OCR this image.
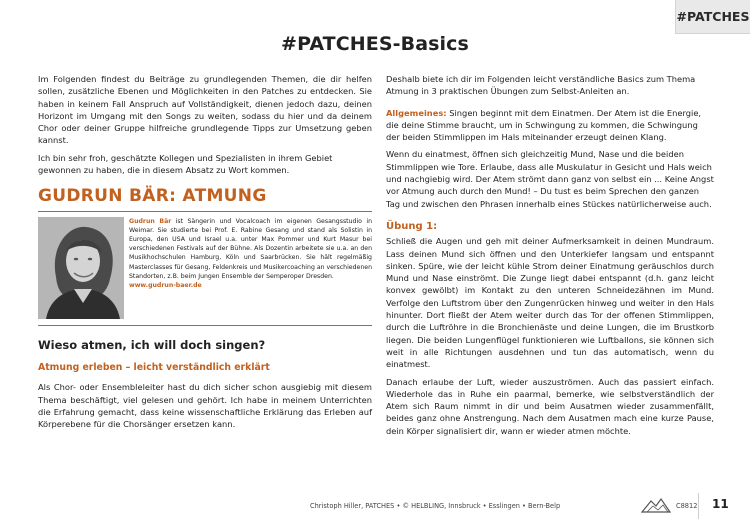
#PATCHES
#PATCHES-Basics

Im Folgenden findest du Beiträge zu grundlegenden Themen, die dir helfen sollen, zusätzliche Ebenen und Möglichkeiten in den Patches zu entdecken. Sie haben in keinem Fall Anspruch auf Vollständigkeit, dienen jedoch dazu, deinen Horizont im Umgang mit den Songs zu weiten, sodass du hier und da deinem Chor oder deiner Gruppe hilfreiche grundlegende Tipps zur Umsetzung geben kannst.

Ich bin sehr froh, geschätzte Kollegen und Spezialisten in ihrem Gebiet gewonnen zu haben, die in diesem Absatz zu Wort kommen.

GUDRUN BÄR: ATMUNG
Gudrun Bär ist Sängerin und Vocalcoach im eigenen Gesangsstudio in Weimar. Sie studierte bei Prof. E. Rabine Gesang und stand als Solistin in Europa, den USA und Israel u.a. unter Max Pommer und Kurt Masur bei verschiedenen Festivals auf der Bühne. Als Dozentin arbeitete sie u.a. an den Musikhochschulen Hamburg, Köln und Saarbrücken. Sie hält regelmäßig Masterclasses für Gesang, Feldenkreis und Musikercoaching an verschiedenen Standorten, z.B. beim Jungen Ensemble der Semperoper Dresden.
www.gudrun-baer.de
Wieso atmen, ich will doch singen?
Atmung erleben – leicht verständlich erklärt

Als Chor- oder Ensembleleiter hast du dich sicher schon ausgiebig mit diesem Thema beschäftigt, viel gelesen und gehört. Ich habe in meinem Unterrichten die Erfahrung gemacht, dass keine wissenschaftliche Erklärung das Erleben auf Körperebene für die Chorsänger ersetzen kann.

Deshalb biete ich dir im Folgenden leicht verständliche Basics zum Thema Atmung in 3 praktischen Übungen zum Selbst-Anleiten an.

Allgemeines: Singen beginnt mit dem Einatmen. Der Atem ist die Energie, die deine Stimme braucht, um in Schwingung zu kommen, die Schwingung der beiden Stimmlippen im Hals miteinander erzeugt deinen Klang.

Wenn du einatmest, öffnen sich gleichzeitig Mund, Nase und die beiden Stimmlippen wie Tore. Erlaube, dass alle Muskulatur in Gesicht und Hals weich und nachgiebig wird. Der Atem strömt dann ganz von selbst ein ... Keine Angst vor Atmung auch durch den Mund! – Du tust es beim Sprechen den ganzen Tag und zwischen den Phrasen innerhalb eines Stückes natürlicherweise auch.

Übung 1:

Schließ die Augen und geh mit deiner Aufmerksamkeit in deinen Mundraum. Lass deinen Mund sich öffnen und den Unterkiefer langsam und entspannt sinken. Spüre, wie der leicht kühle Strom deiner Einatmung geräuschlos durch Mund und Nase einströmt. Die Zunge liegt dabei entspannt (d.h. ganz leicht konvex gewölbt) im Kontakt zu den unteren Schneidezähnen im Mund. Verfolge den Luftstrom über den Zungenrücken hinweg und weiter in den Hals hinunter. Dort fließt der Atem weiter durch das Tor der offenen Stimmlippen, durch die Luftröhre in die Bronchienäste und deine Lungen, die im Brustkorb liegen. Die beiden Lungenflügel funktionieren wie Luftballons, sie können sich weit in alle Richtungen ausdehnen und tun das automatisch, wenn du einatmest.

Danach erlaube der Luft, wieder auszuströmen. Auch das passiert einfach. Wiederhole das in Ruhe ein paarmal, bemerke, wie selbstverständlich der Atem sich Raum nimmt in dir und beim Ausatmen wieder zusammenfällt, beides ganz ohne Anstrengung. Nach dem Ausatmen mach eine kurze Pause, dein Körper signalisiert dir, wann er wieder atmen möchte.

Christoph Hiller, PATCHES • © HELBLING, Innsbruck • Esslingen • Bern-Belp	C8812 11
